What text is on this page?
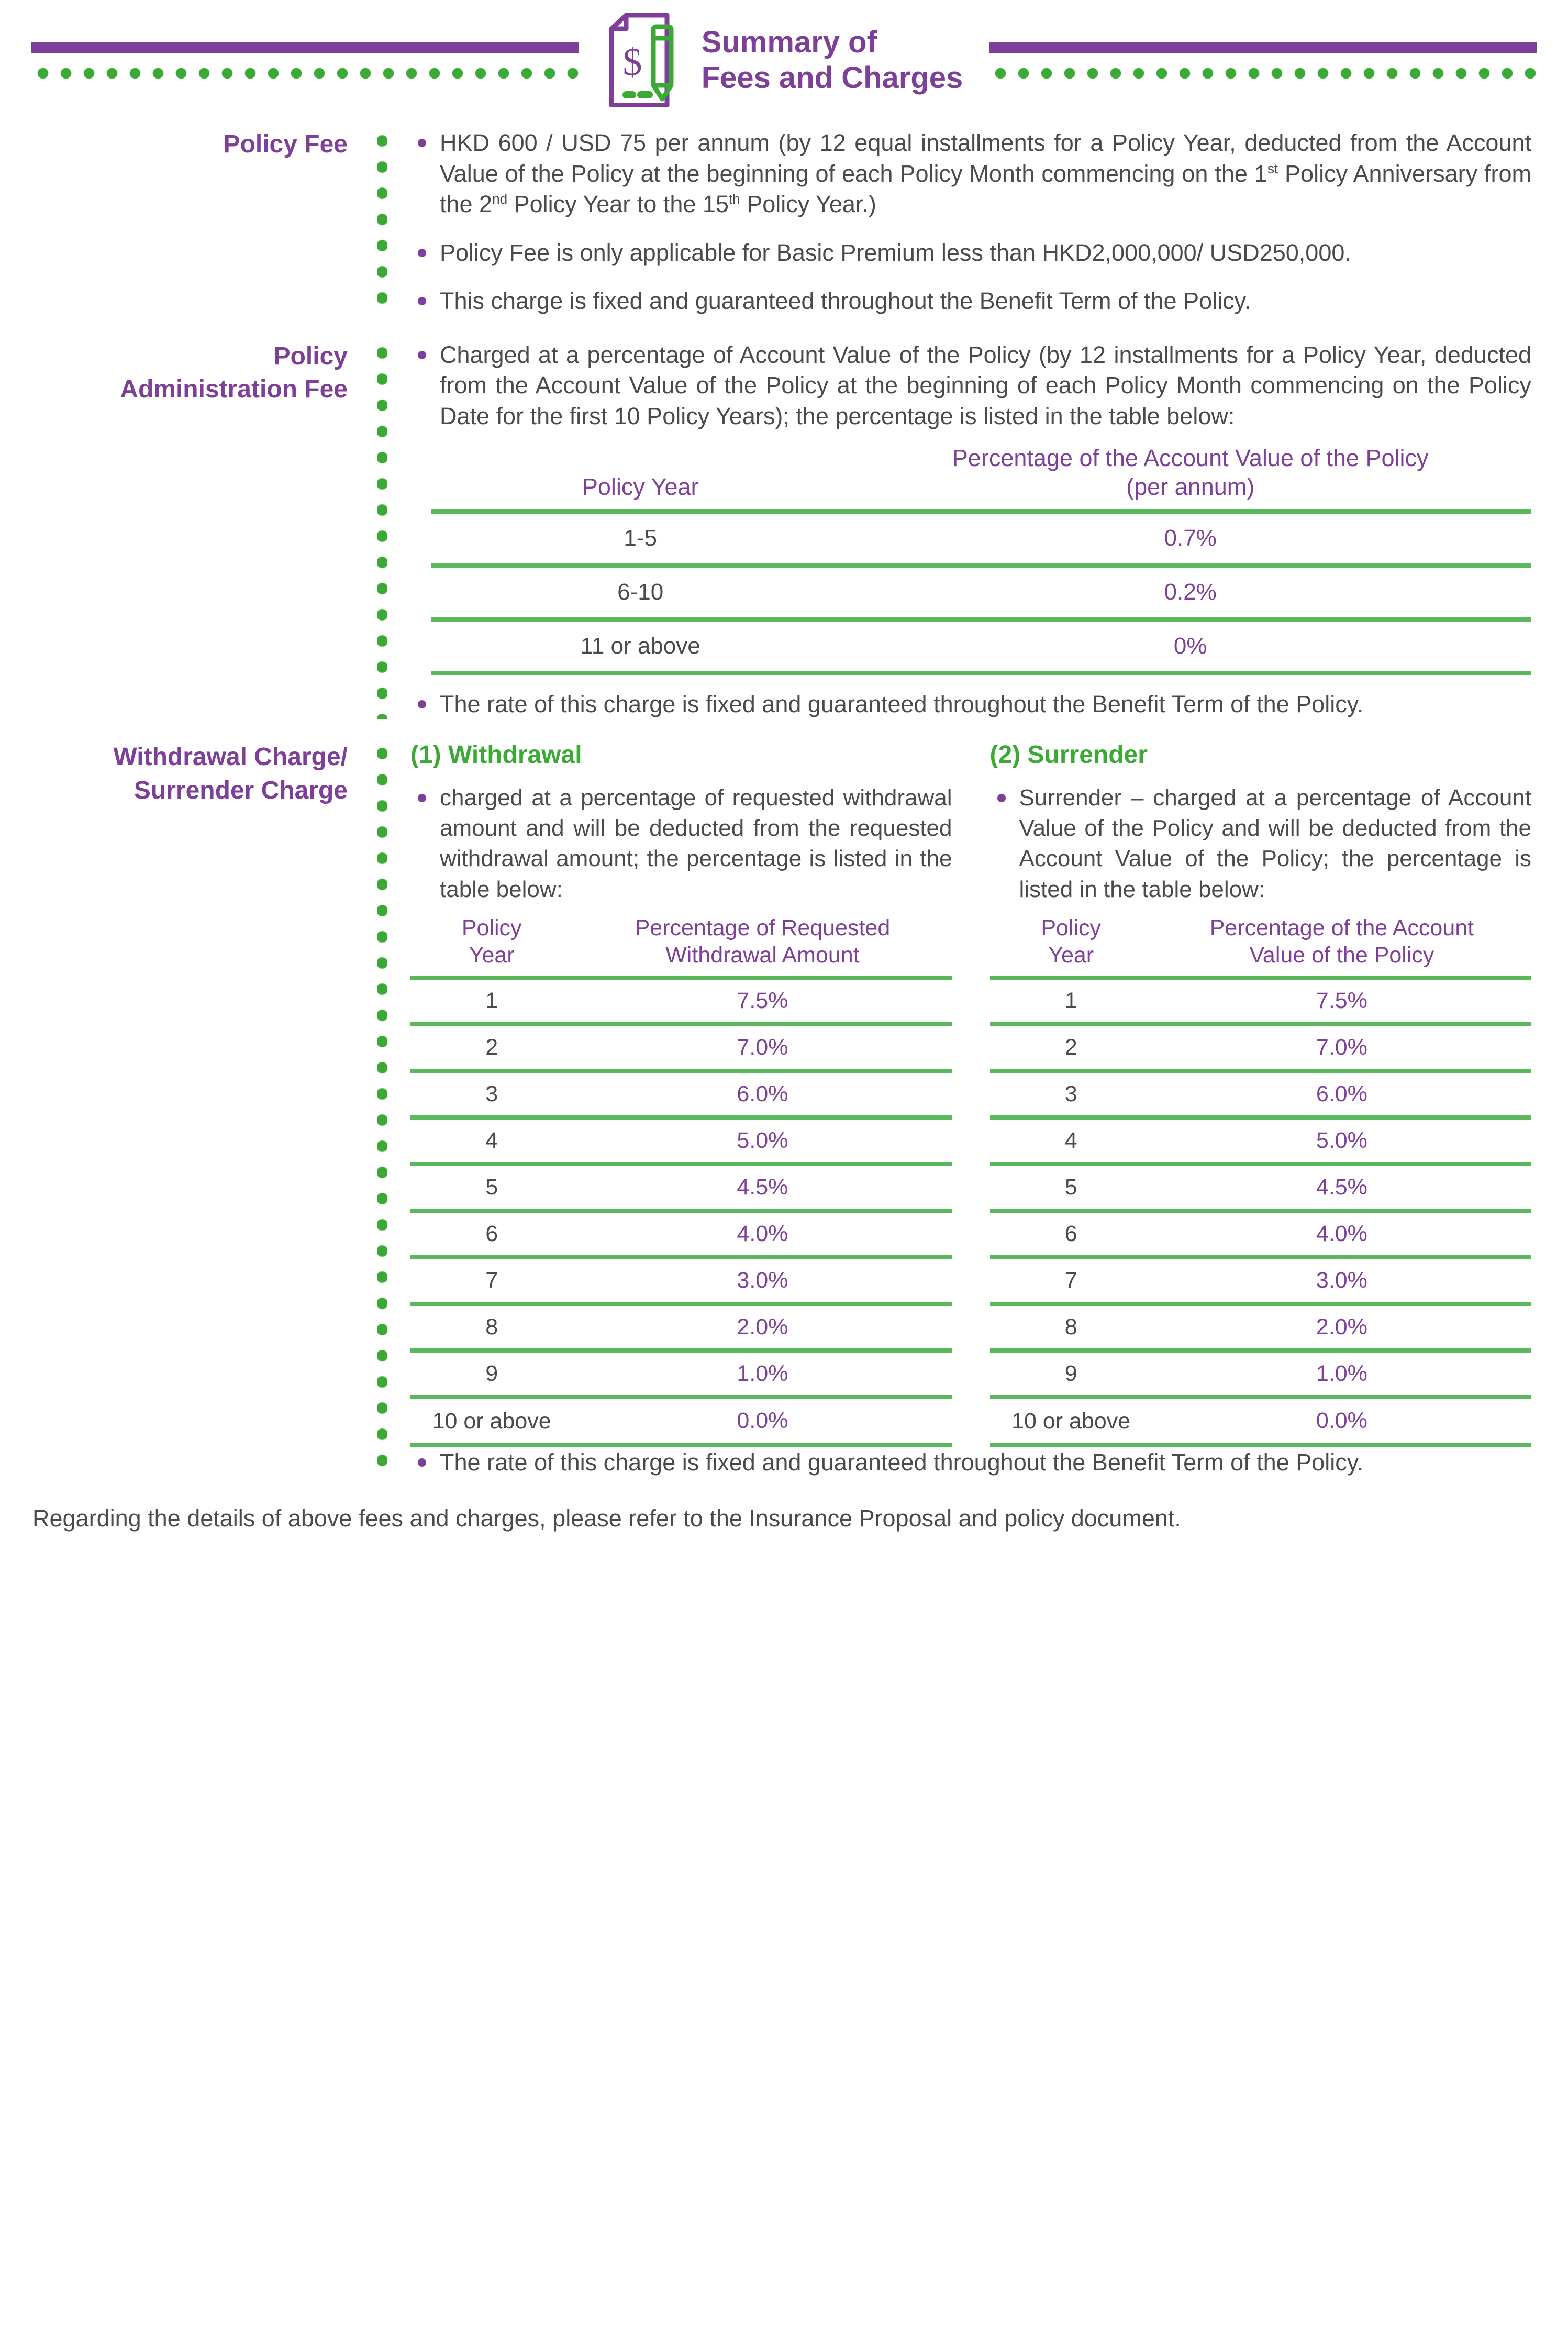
$ Summary of
Fees and Charges
Policy Fee	HKD 600 / USD 75 per annum (by 12 equal installments for a Policy Year, deducted from the Account Value of the Policy at the beginning of each Policy Month commencing on the 1st Policy Anniversary from the 2nd Policy Year to the 15th Policy Year.)
Policy Fee is only applicable for Basic Premium less than HKD2,000,000/ USD250,000.
This charge is fixed and guaranteed throughout the Benefit Term of the Policy.
Policy
Administration Fee
Charged at a percentage of Account Value of the Policy (by 12 installments for a Policy Year, deducted from the Account Value of the Policy at the beginning of each Policy Month commencing on the Policy Date for the first 10 Policy Years); the percentage is listed in the table below:
Policy Year	Percentage of the Account Value of the Policy
(per annum)

1-5	0.7%
6-10	0.2%
11 or above	0%
The rate of this charge is fixed and guaranteed throughout the Benefit Term of the Policy.
Withdrawal Charge/
Surrender Charge
(1) Withdrawal
charged at a percentage of requested withdrawal amount and will be deducted from the requested withdrawal amount; the percentage is listed in the table below:
Policy
Year

Percentage of Requested
Withdrawal Amount

1	7.5%
2	7.0%
3	6.0%
4	5.0%
5	4.5%
6	4.0%
7	3.0%
8	2.0%
9	1.0%
10 or above	0.0%
(2) Surrender
Surrender – charged at a percentage of Account Value of the Policy and will be deducted from the Account Value of the Policy; the percentage is listed in the table below:
Policy
Year

Percentage of the Account
Value of the Policy

1	7.5%
2	7.0%
3	6.0%
4	5.0%
5	4.5%
6	4.0%
7	3.0%
8	2.0%
9	1.0%
10 or above	0.0%
The rate of this charge is fixed and guaranteed throughout the Benefit Term of the Policy.
Regarding the details of above fees and charges, please refer to the Insurance Proposal and policy document.
